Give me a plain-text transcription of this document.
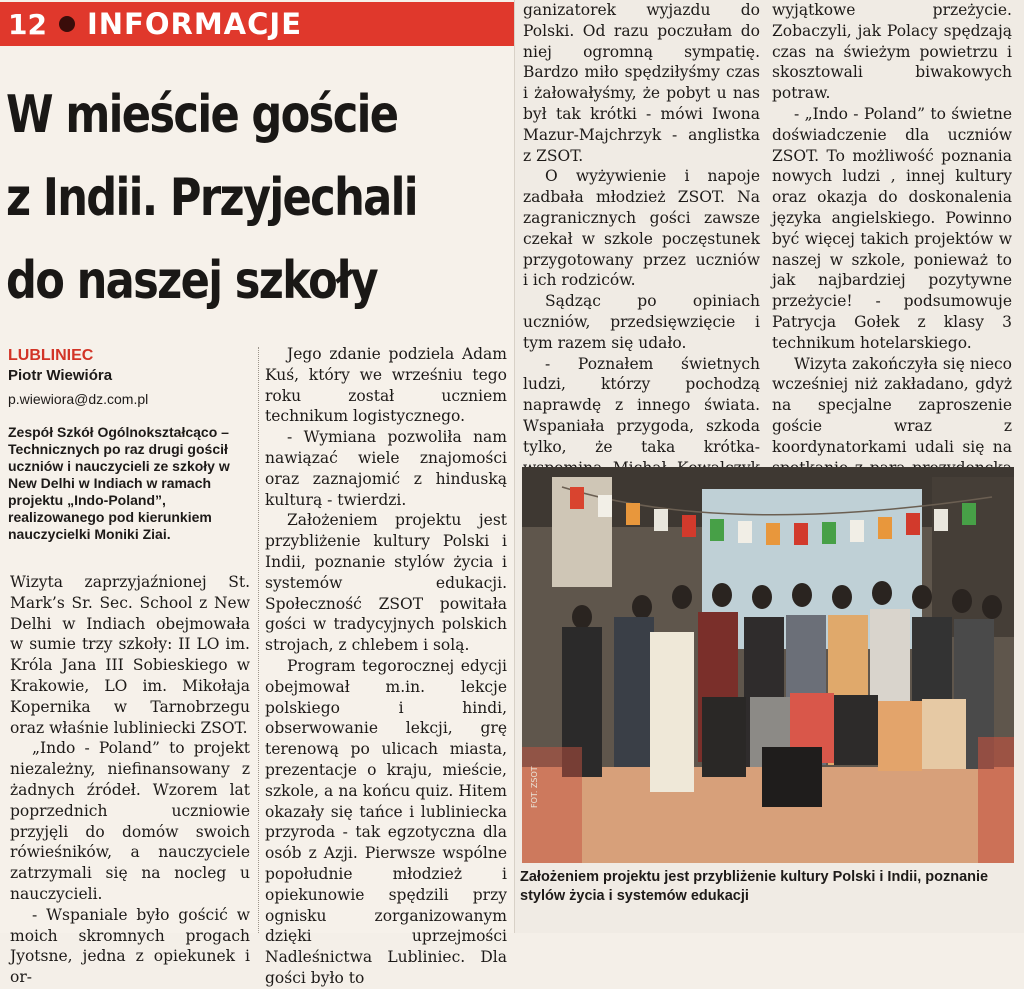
12 INFORMACJE
W mieście goście
z Indii. Przyjechali
do naszej szkoły
LUBLINIEC
Piotr Wiewióra
p.wiewiora@dz.com.pl

Zespół Szkół Ogólnokształcąco – Technicznych po raz drugi gościł uczniów i nauczycieli ze szkoły w New Delhi w Indiach w ramach projektu „Indo-Poland”, realizowanego pod kierunkiem nauczycielki Moniki Ziai.

Wizyta zaprzyjaźnionej St. Mark’s Sr. Sec. School z New Delhi w Indiach obejmowała w sumie trzy szkoły: II LO im. Króla Jana III Sobieskiego w Krakowie, LO im. Mikołaja Kopernika w Tarnobrzegu oraz właśnie lubliniecki ZSOT.

„Indo - Poland” to projekt niezależny, niefinansowany z żadnych źródeł. Wzorem lat poprzednich uczniowie przyjęli do domów swoich rówieśników, a nauczyciele zatrzymali się na nocleg u nauczycieli.

- Wspaniale było gościć w moich skromnych progach Jyotsne, jedna z opiekunek i or-

Jego zdanie podziela Adam Kuś, który we wrześniu tego roku został uczniem technikum logistycznego.

- Wymiana pozwoliła nam nawiązać wiele znajomości oraz zaznajomić z hinduską kulturą - twierdzi.

Założeniem projektu jest przybliżenie kultury Polski i Indii, poznanie stylów życia i systemów edukacji. Społeczność ZSOT powitała gości w tradycyjnych polskich strojach, z chlebem i solą.

Program tegorocznej edycji obejmował m.in. lekcje polskiego i hindi, obserwowanie lekcji, grę terenową po ulicach miasta, prezentacje o kraju, mieście, szkole, a na końcu quiz. Hitem okazały się tańce i lubliniecka przyroda - tak egzotyczna dla osób z Azji. Pierwsze wspólne popołudnie młodzież i opiekunowie spędzili przy ognisku zorganizowanym dzięki uprzejmości Nadleśnictwa Lubliniec. Dla gości było to

ganizatorek wyjazdu do Polski. Od razu poczułam do niej ogromną sympatię. Bardzo miło spędziłyśmy czas i żałowałyśmy, że pobyt u nas był tak krótki - mówi Iwona Mazur-Majchrzyk - anglistka z ZSOT.

O wyżywienie i napoje zadbała młodzież ZSOT. Na zagranicznych gości zawsze czekał w szkole poczęstunek przygotowany przez uczniów i ich rodziców.

Sądząc po opiniach uczniów, przedsięwzięcie i tym razem się udało.

- Poznałem świetnych ludzi, którzy pochodzą naprawdę z innego świata. Wspaniała przygoda, szkoda tylko, że taka krótka-

wyjątkowe przeżycie. Zobaczyli, jak Polacy spędzają czas na świeżym powietrzu i skosztowali biwakowych potraw.

- „Indo - Poland” to świetne doświadczenie dla uczniów ZSOT. To możliwość poznania nowych ludzi , innej kultury oraz okazja do doskonalenia języka angielskiego. Powinno być więcej takich projektów w naszej w szkole, ponieważ to jak najbardziej pozytywne przeżycie! - podsumowuje Patrycja Gołek z klasy 3 technikum hotelarskiego.

Wizyta zakończyła się nieco wcześniej niż zakładano, gdyż na specjalne zaproszenie goście wraz z koordynatorkami udali się na

FOT. ZSOT

Założeniem projektu jest przybliżenie kultury Polski i Indii, poznanie stylów życia i systemów edukacji
